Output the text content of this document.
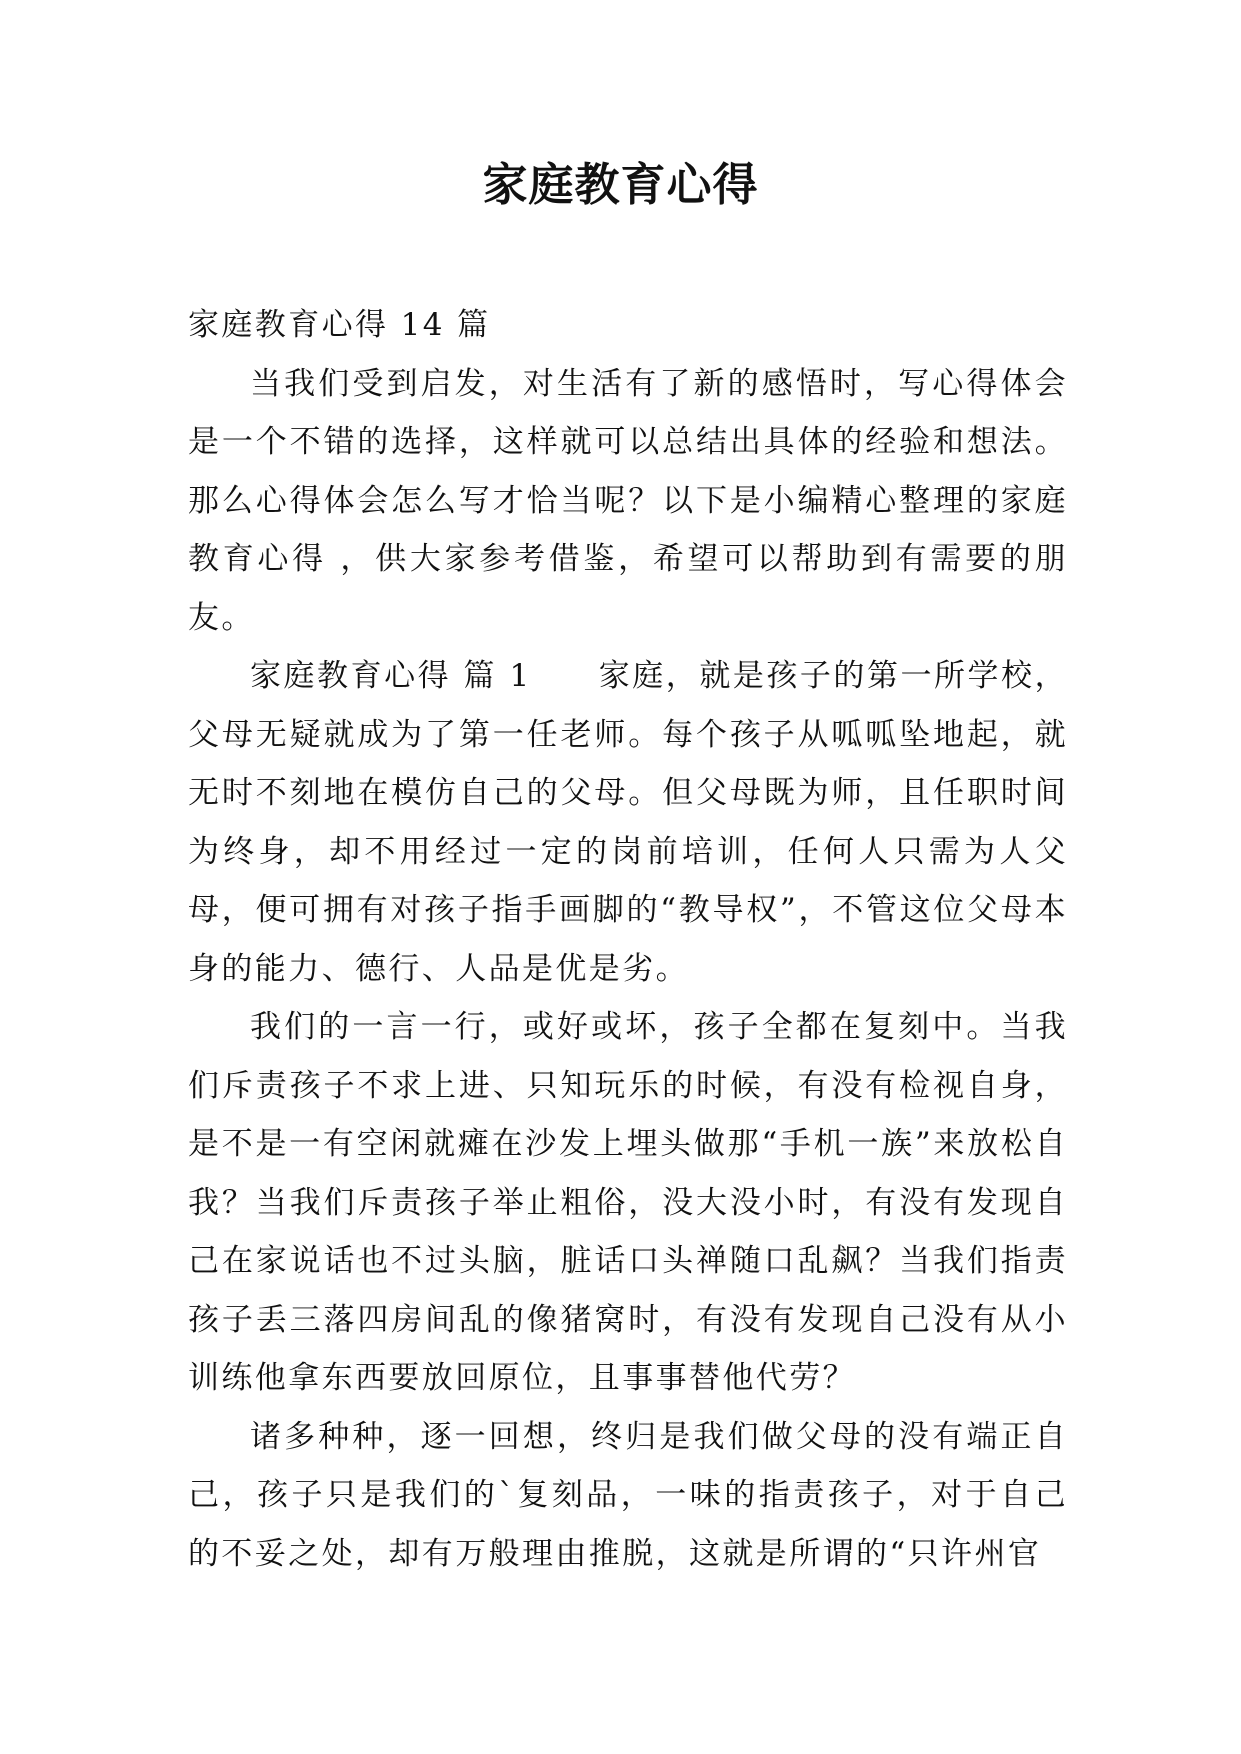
家庭教育心得

家庭教育心得 14 篇

当我们受到启发，对生活有了新的感悟时，写心得体会是一个不错的选择，这样就可以总结出具体的经验和想法。那么心得体会怎么写才恰当呢？以下是小编精心整理的家庭教育心得 ，供大家参考借鉴，希望可以帮助到有需要的朋友。

家庭教育心得 篇 1　　家庭，就是孩子的第一所学校，父母无疑就成为了第一任老师。每个孩子从呱呱坠地起，就无时不刻地在模仿自己的父母。但父母既为师，且任职时间为终身，却不用经过一定的岗前培训，任何人只需为人父母，便可拥有对孩子指手画脚的“教导权”，不管这位父母本身的能力、德行、人品是优是劣。

我们的一言一行，或好或坏，孩子全都在复刻中。当我们斥责孩子不求上进、只知玩乐的时候，有没有检视自身，是不是一有空闲就瘫在沙发上埋头做那“手机一族”来放松自我？当我们斥责孩子举止粗俗，没大没小时，有没有发现自己在家说话也不过头脑，脏话口头禅随口乱飙？当我们指责孩子丢三落四房间乱的像猪窝时，有没有发现自己没有从小训练他拿东西要放回原位，且事事替他代劳？

诸多种种，逐一回想，终归是我们做父母的没有端正自己，孩子只是我们的`复刻品，一味的指责孩子，对于自己的不妥之处，却有万般理由推脱，这就是所谓的“只许州官
